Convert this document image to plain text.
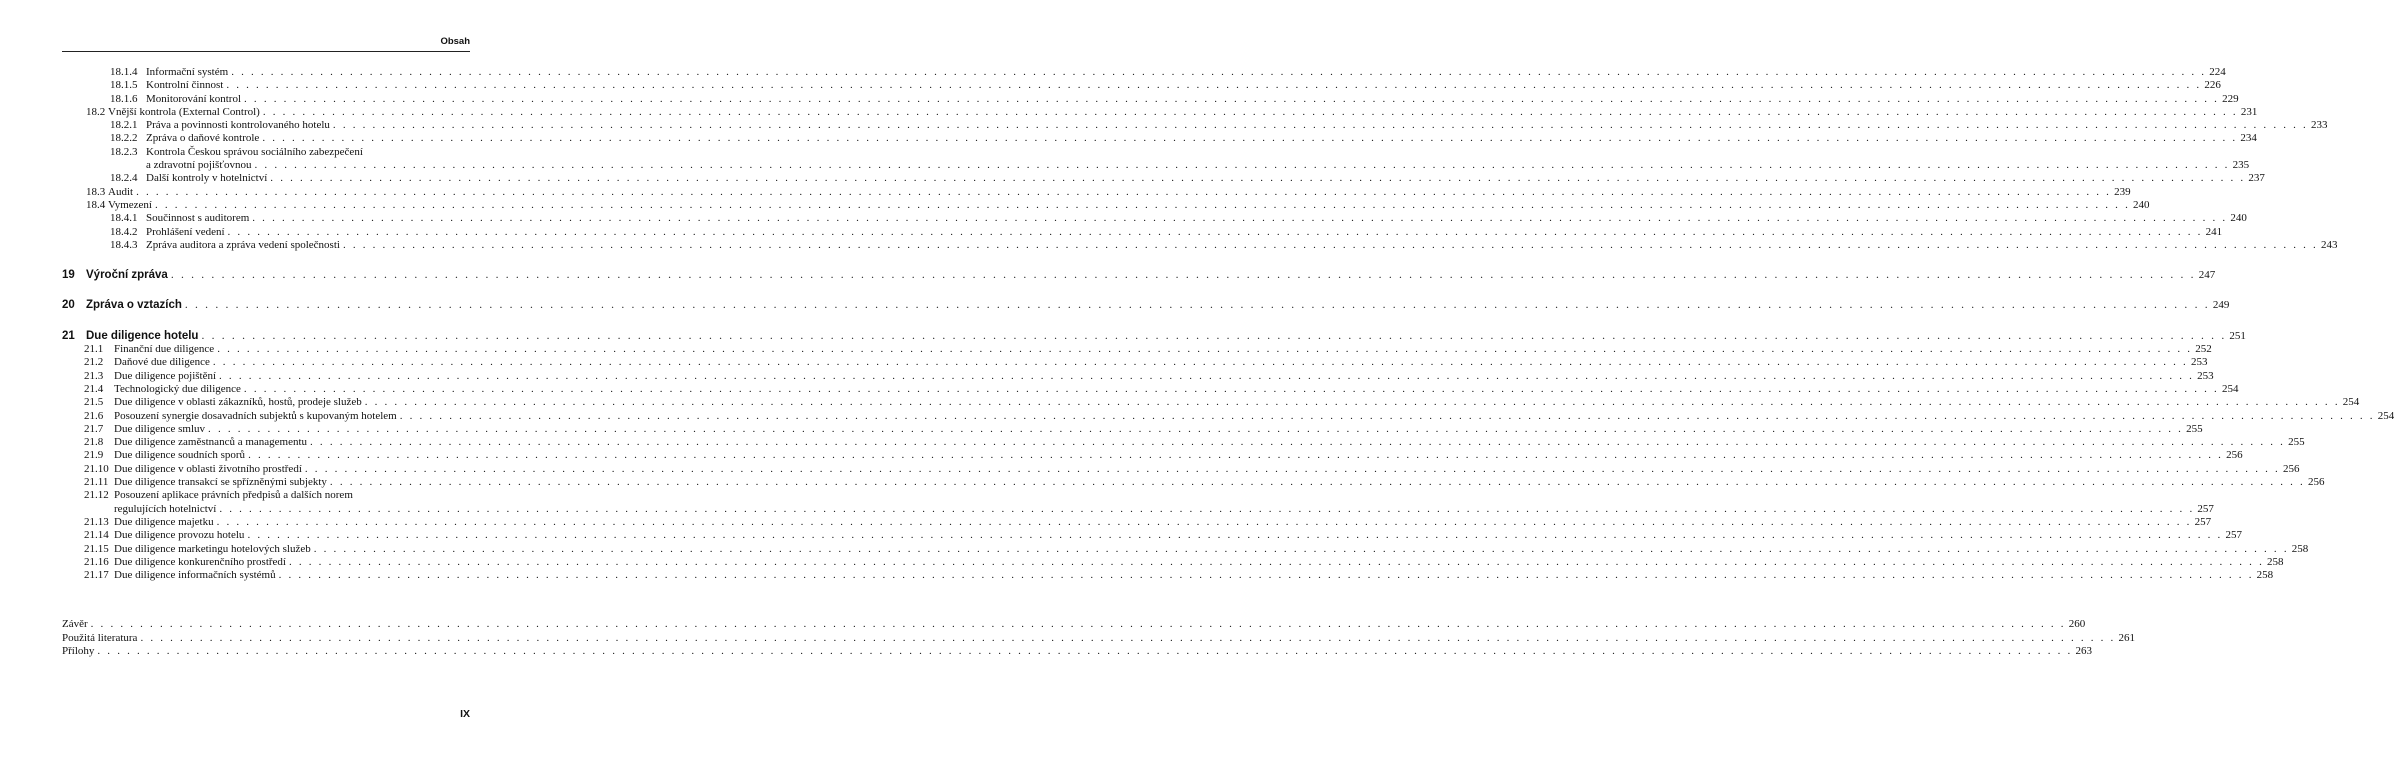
Obsah
18.1.4 Informační systém . . . . . . . . . . . . . . . . . . . . . . . . . . . . . . . . . . . . . . . . . . . . . . . . . . . . . . . . . . . . . . . . . . . . . . . . . . . . . . . . . . . . . . . . . . . . . . . . . . . . . . . . . . . . . . . . . . . . . . . . . . . . . . . . . . . . . . . . . . . . . . . . . . . . . . . . . . . . . . . . . . . . . . . . . . . . . . . . . . . . . . . . . . . . . . . . . . . . . . . . 224
18.1.5 Kontrolní činnost . . . . . . . . . . . . . . . . . . . . . . . . . . . . . . . . . . . . . . . . . . . . . . . . . . . . . . . . . . . . . . . . . . . . . . . . . . . . . . . . . . . . . . . . . . . . . . . . . . . . . . . . . . . . . . . . . . . . . . . . . . . . . . . . . . . . . . . . . . . . . . . . . . . . . . . . . . . . . . . . . . . . . . . . . . . . . . . . . . . . . . . . . . . . . . . . . . . . . . . . 226
18.1.6 Monitorování kontrol . . . . . . . . . . . . . . . . . . . . . . . . . . . . . . . . . . . . . . . . . . . . . . . . . . . . . . . . . . . . . . . . . . . . . . . . . . . . . . . . . . . . . . . . . . . . . . . . . . . . . . . . . . . . . . . . . . . . . . . . . . . . . . . . . . . . . . . . . . . . . . . . . . . . . . . . . . . . . . . . . . . . . . . . . . . . . . . . . . . . . . . . . . . . . . . . . . . . . . . . 229
18.2 Vnější kontrola (External Control) . . . . . . . . . . . . . . . . . . . . . . . . . . . . . . . . . . . . . . . . . . . . . . . . . . . . . . . . . . . . . . . . . . . . . . . . . . . . . . . . . . . . . . . . . . . . . . . . . . . . . . . . . . . . . . . . . . . . . . . . . . . . . . . . . . . . . . . . . . . . . . . . . . . . . . . . . . . . . . . . . . . . . . . . . . . . . . . . . . . . . . . . . . . . . . . . . . . . . . . . 231
18.2.1 Práva a povinnosti kontrolovaného hotelu . . . . . . . . . . . . . . . . . . . . . . . . . . . . . . . . . . . . . . . . . . . . . . . . . . . . . . . . . . . . . . . . . . . . . . . . . . . . . . . . . . . . . . . . . . . . . . . . . . . . . . . . . . . . . . . . . . . . . . . . . . . . . . . . . . . . . . . . . . . . . . . . . . . . . . . . . . . . . . . . . . . . . . . . . . . . . . . . . . . . . . . . . . . . . . . . . . . . . . . . 233
18.2.2 Zpráva o daňové kontrole . . . . . . . . . . . . . . . . . . . . . . . . . . . . . . . . . . . . . . . . . . . . . . . . . . . . . . . . . . . . . . . . . . . . . . . . . . . . . . . . . . . . . . . . . . . . . . . . . . . . . . . . . . . . . . . . . . . . . . . . . . . . . . . . . . . . . . . . . . . . . . . . . . . . . . . . . . . . . . . . . . . . . . . . . . . . . . . . . . . . . . . . . . . . . . . . . . . . . . . . 234
18.2.3 Kontrola Českou správou sociálního zabezpečení
a zdravotní pojišťovnou . . . . . . . . . . . . . . . . . . . . . . . . . . . . . . . . . . . . . . . . . . . . . . . . . . . . . . . . . . . . . . . . . . . . . . . . . . . . . . . . . . . . . . . . . . . . . . . . . . . . . . . . . . . . . . . . . . . . . . . . . . . . . . . . . . . . . . . . . . . . . . . . . . . . . . . . . . . . . . . . . . . . . . . . . . . . . . . . . . . . . . . . . . . . . . . . . . . . . . . . 235
18.2.4 Další kontroly v hotelnictví . . . . . . . . . . . . . . . . . . . . . . . . . . . . . . . . . . . . . . . . . . . . . . . . . . . . . . . . . . . . . . . . . . . . . . . . . . . . . . . . . . . . . . . . . . . . . . . . . . . . . . . . . . . . . . . . . . . . . . . . . . . . . . . . . . . . . . . . . . . . . . . . . . . . . . . . . . . . . . . . . . . . . . . . . . . . . . . . . . . . . . . . . . . . . . . . . . . . . . . . 237
18.3 Audit . . . . . . . . . . . . . . . . . . . . . . . . . . . . . . . . . . . . . . . . . . . . . . . . . . . . . . . . . . . . . . . . . . . . . . . . . . . . . . . . . . . . . . . . . . . . . . . . . . . . . . . . . . . . . . . . . . . . . . . . . . . . . . . . . . . . . . . . . . . . . . . . . . . . . . . . . . . . . . . . . . . . . . . . . . . . . . . . . . . . . . . . . . . . . . . . . . . . . . . . 239
18.4 Vymezení . . . . . . . . . . . . . . . . . . . . . . . . . . . . . . . . . . . . . . . . . . . . . . . . . . . . . . . . . . . . . . . . . . . . . . . . . . . . . . . . . . . . . . . . . . . . . . . . . . . . . . . . . . . . . . . . . . . . . . . . . . . . . . . . . . . . . . . . . . . . . . . . . . . . . . . . . . . . . . . . . . . . . . . . . . . . . . . . . . . . . . . . . . . . . . . . . . . . . . . . 240
18.4.1 Součinnost s auditorem . . . . . . . . . . . . . . . . . . . . . . . . . . . . . . . . . . . . . . . . . . . . . . . . . . . . . . . . . . . . . . . . . . . . . . . . . . . . . . . . . . . . . . . . . . . . . . . . . . . . . . . . . . . . . . . . . . . . . . . . . . . . . . . . . . . . . . . . . . . . . . . . . . . . . . . . . . . . . . . . . . . . . . . . . . . . . . . . . . . . . . . . . . . . . . . . . . . . . . . . 240
18.4.2 Prohlášení vedení . . . . . . . . . . . . . . . . . . . . . . . . . . . . . . . . . . . . . . . . . . . . . . . . . . . . . . . . . . . . . . . . . . . . . . . . . . . . . . . . . . . . . . . . . . . . . . . . . . . . . . . . . . . . . . . . . . . . . . . . . . . . . . . . . . . . . . . . . . . . . . . . . . . . . . . . . . . . . . . . . . . . . . . . . . . . . . . . . . . . . . . . . . . . . . . . . . . . . . . . 241
18.4.3 Zpráva auditora a zpráva vedení společnosti . . . . . . . . . . . . . . . . . . . . . . . . . . . . . . . . . . . . . . . . . . . . . . . . . . . . . . . . . . . . . . . . . . . . . . . . . . . . . . . . . . . . . . . . . . . . . . . . . . . . . . . . . . . . . . . . . . . . . . . . . . . . . . . . . . . . . . . . . . . . . . . . . . . . . . . . . . . . . . . . . . . . . . . . . . . . . . . . . . . . . . . . . . . . . . . . . . . . . . . . 243
19 Výroční zpráva . . . . . . . . . . . . . . . . . . . . . . . . . . . . . . . . . . . . . . . . . . . . . . . . . . . . . . . . . . . . . . . . . . . . . . . . . . . . . . . . . . . . . . . . . . . . . . . . . . . . . . . . . . . . . . . . . . . . . . . . . . . . . . . . . . . . . . . . . . . . . . . . . . . . . . . . . . . . . . . . . . . . . . . . . . . . . . . . . . . . . . . . . . . . . . . . . . . . . . . . 247
20 Zpráva o vztazích . . . . . . . . . . . . . . . . . . . . . . . . . . . . . . . . . . . . . . . . . . . . . . . . . . . . . . . . . . . . . . . . . . . . . . . . . . . . . . . . . . . . . . . . . . . . . . . . . . . . . . . . . . . . . . . . . . . . . . . . . . . . . . . . . . . . . . . . . . . . . . . . . . . . . . . . . . . . . . . . . . . . . . . . . . . . . . . . . . . . . . . . . . . . . . . . . . . . . . . . 249
21 Due diligence hotelu . . . . . . . . . . . . . . . . . . . . . . . . . . . . . . . . . . . . . . . . . . . . . . . . . . . . . . . . . . . . . . . . . . . . . . . . . . . . . . . . . . . . . . . . . . . . . . . . . . . . . . . . . . . . . . . . . . . . . . . . . . . . . . . . . . . . . . . . . . . . . . . . . . . . . . . . . . . . . . . . . . . . . . . . . . . . . . . . . . . . . . . . . . . . . . . . . . . . . . . . 251
21.1 Finanční due diligence . . . . . . . . . . . . . . . . . . . . . . . . . . . . . . . . . . . . . . . . . . . . . . . . . . . . . . . . . . . . . . . . . . . . . . . . . . . . . . . . . . . . . . . . . . . . . . . . . . . . . . . . . . . . . . . . . . . . . . . . . . . . . . . . . . . . . . . . . . . . . . . . . . . . . . . . . . . . . . . . . . . . . . . . . . . . . . . . . . . . . . . . . . . . . . . . . . . . . . . . 252
21.2 Daňové due diligence . . . . . . . . . . . . . . . . . . . . . . . . . . . . . . . . . . . . . . . . . . . . . . . . . . . . . . . . . . . . . . . . . . . . . . . . . . . . . . . . . . . . . . . . . . . . . . . . . . . . . . . . . . . . . . . . . . . . . . . . . . . . . . . . . . . . . . . . . . . . . . . . . . . . . . . . . . . . . . . . . . . . . . . . . . . . . . . . . . . . . . . . . . . . . . . . . . . . . . . . 253
21.3 Due diligence pojištění . . . . . . . . . . . . . . . . . . . . . . . . . . . . . . . . . . . . . . . . . . . . . . . . . . . . . . . . . . . . . . . . . . . . . . . . . . . . . . . . . . . . . . . . . . . . . . . . . . . . . . . . . . . . . . . . . . . . . . . . . . . . . . . . . . . . . . . . . . . . . . . . . . . . . . . . . . . . . . . . . . . . . . . . . . . . . . . . . . . . . . . . . . . . . . . . . . . . . . . . 253
21.4 Technologický due diligence . . . . . . . . . . . . . . . . . . . . . . . . . . . . . . . . . . . . . . . . . . . . . . . . . . . . . . . . . . . . . . . . . . . . . . . . . . . . . . . . . . . . . . . . . . . . . . . . . . . . . . . . . . . . . . . . . . . . . . . . . . . . . . . . . . . . . . . . . . . . . . . . . . . . . . . . . . . . . . . . . . . . . . . . . . . . . . . . . . . . . . . . . . . . . . . . . . . . . . . . 254
21.5 Due diligence v oblasti zákazníků, hostů, prodeje služeb . . . . . . . . . . . . . . . . . . . . . . . . . . . . . . . . . . . . . . . . . . . . . . . . . . . . . . . . . . . . . . . . . . . . . . . . . . . . . . . . . . . . . . . . . . . . . . . . . . . . . . . . . . . . . . . . . . . . . . . . . . . . . . . . . . . . . . . . . . . . . . . . . . . . . . . . . . . . . . . . . . . . . . . . . . . . . . . . . . . . . . . . . . . . . . . . . . . . . . . . 254
21.6 Posouzení synergie dosavadních subjektů s kupovaným hotelem . . . . . . . . . . . . . . . . . . . . . . . . . . . . . . . . . . . . . . . . . . . . . . . . . . . . . . . . . . . . . . . . . . . . . . . . . . . . . . . . . . . . . . . . . . . . . . . . . . . . . . . . . . . . . . . . . . . . . . . . . . . . . . . . . . . . . . . . . . . . . . . . . . . . . . . . . . . . . . . . . . . . . . . . . . . . . . . . . . . . . . . . . . . . . . . . . . . . . . . . 254
21.7 Due diligence smluv . . . . . . . . . . . . . . . . . . . . . . . . . . . . . . . . . . . . . . . . . . . . . . . . . . . . . . . . . . . . . . . . . . . . . . . . . . . . . . . . . . . . . . . . . . . . . . . . . . . . . . . . . . . . . . . . . . . . . . . . . . . . . . . . . . . . . . . . . . . . . . . . . . . . . . . . . . . . . . . . . . . . . . . . . . . . . . . . . . . . . . . . . . . . . . . . . . . . . . . . 255
21.8 Due diligence zaměstnanců a managementu . . . . . . . . . . . . . . . . . . . . . . . . . . . . . . . . . . . . . . . . . . . . . . . . . . . . . . . . . . . . . . . . . . . . . . . . . . . . . . . . . . . . . . . . . . . . . . . . . . . . . . . . . . . . . . . . . . . . . . . . . . . . . . . . . . . . . . . . . . . . . . . . . . . . . . . . . . . . . . . . . . . . . . . . . . . . . . . . . . . . . . . . . . . . . . . . . . . . . . . . 255
21.9 Due diligence soudních sporů . . . . . . . . . . . . . . . . . . . . . . . . . . . . . . . . . . . . . . . . . . . . . . . . . . . . . . . . . . . . . . . . . . . . . . . . . . . . . . . . . . . . . . . . . . . . . . . . . . . . . . . . . . . . . . . . . . . . . . . . . . . . . . . . . . . . . . . . . . . . . . . . . . . . . . . . . . . . . . . . . . . . . . . . . . . . . . . . . . . . . . . . . . . . . . . . . . . . . . . . 256
21.10 Due diligence v oblasti životního prostředí . . . . . . . . . . . . . . . . . . . . . . . . . . . . . . . . . . . . . . . . . . . . . . . . . . . . . . . . . . . . . . . . . . . . . . . . . . . . . . . . . . . . . . . . . . . . . . . . . . . . . . . . . . . . . . . . . . . . . . . . . . . . . . . . . . . . . . . . . . . . . . . . . . . . . . . . . . . . . . . . . . . . . . . . . . . . . . . . . . . . . . . . . . . . . . . . . . . . . . . . 256
21.11 Due diligence transakcí se spřízněnými subjekty . . . . . . . . . . . . . . . . . . . . . . . . . . . . . . . . . . . . . . . . . . . . . . . . . . . . . . . . . . . . . . . . . . . . . . . . . . . . . . . . . . . . . . . . . . . . . . . . . . . . . . . . . . . . . . . . . . . . . . . . . . . . . . . . . . . . . . . . . . . . . . . . . . . . . . . . . . . . . . . . . . . . . . . . . . . . . . . . . . . . . . . . . . . . . . . . . . . . . . . . 256
21.12 Posouzení aplikace právních předpisů a dalších norem
regulujících hotelnictví . . . . . . . . . . . . . . . . . . . . . . . . . . . . . . . . . . . . . . . . . . . . . . . . . . . . . . . . . . . . . . . . . . . . . . . . . . . . . . . . . . . . . . . . . . . . . . . . . . . . . . . . . . . . . . . . . . . . . . . . . . . . . . . . . . . . . . . . . . . . . . . . . . . . . . . . . . . . . . . . . . . . . . . . . . . . . . . . . . . . . . . . . . . . . . . . . . . . . . . . 257
21.13 Due diligence majetku . . . . . . . . . . . . . . . . . . . . . . . . . . . . . . . . . . . . . . . . . . . . . . . . . . . . . . . . . . . . . . . . . . . . . . . . . . . . . . . . . . . . . . . . . . . . . . . . . . . . . . . . . . . . . . . . . . . . . . . . . . . . . . . . . . . . . . . . . . . . . . . . . . . . . . . . . . . . . . . . . . . . . . . . . . . . . . . . . . . . . . . . . . . . . . . . . . . . . . . . 257
21.14 Due diligence provozu hotelu . . . . . . . . . . . . . . . . . . . . . . . . . . . . . . . . . . . . . . . . . . . . . . . . . . . . . . . . . . . . . . . . . . . . . . . . . . . . . . . . . . . . . . . . . . . . . . . . . . . . . . . . . . . . . . . . . . . . . . . . . . . . . . . . . . . . . . . . . . . . . . . . . . . . . . . . . . . . . . . . . . . . . . . . . . . . . . . . . . . . . . . . . . . . . . . . . . . . . . . . 257
21.15 Due diligence marketingu hotelových služeb . . . . . . . . . . . . . . . . . . . . . . . . . . . . . . . . . . . . . . . . . . . . . . . . . . . . . . . . . . . . . . . . . . . . . . . . . . . . . . . . . . . . . . . . . . . . . . . . . . . . . . . . . . . . . . . . . . . . . . . . . . . . . . . . . . . . . . . . . . . . . . . . . . . . . . . . . . . . . . . . . . . . . . . . . . . . . . . . . . . . . . . . . . . . . . . . . . . . . . . . 258
21.16 Due diligence konkurenčního prostředí . . . . . . . . . . . . . . . . . . . . . . . . . . . . . . . . . . . . . . . . . . . . . . . . . . . . . . . . . . . . . . . . . . . . . . . . . . . . . . . . . . . . . . . . . . . . . . . . . . . . . . . . . . . . . . . . . . . . . . . . . . . . . . . . . . . . . . . . . . . . . . . . . . . . . . . . . . . . . . . . . . . . . . . . . . . . . . . . . . . . . . . . . . . . . . . . . . . . . . . . 258
21.17 Due diligence informačních systémů . . . . . . . . . . . . . . . . . . . . . . . . . . . . . . . . . . . . . . . . . . . . . . . . . . . . . . . . . . . . . . . . . . . . . . . . . . . . . . . . . . . . . . . . . . . . . . . . . . . . . . . . . . . . . . . . . . . . . . . . . . . . . . . . . . . . . . . . . . . . . . . . . . . . . . . . . . . . . . . . . . . . . . . . . . . . . . . . . . . . . . . . . . . . . . . . . . . . . . . . 258
Závěr . . . . . . . . . . . . . . . . . . . . . . . . . . . . . . . . . . . . . . . . . . . . . . . . . . . . . . . . . . . . . . . . . . . . . . . . . . . . . . . . . . . . . . . . . . . . . . . . . . . . . . . . . . . . . . . . . . . . . . . . . . . . . . . . . . . . . . . . . . . . . . . . . . . . . . . . . . . . . . . . . . . . . . . . . . . . . . . . . . . . . . . . . . . . . . . . . . . . . . . . 260
Použitá literatura . . . . . . . . . . . . . . . . . . . . . . . . . . . . . . . . . . . . . . . . . . . . . . . . . . . . . . . . . . . . . . . . . . . . . . . . . . . . . . . . . . . . . . . . . . . . . . . . . . . . . . . . . . . . . . . . . . . . . . . . . . . . . . . . . . . . . . . . . . . . . . . . . . . . . . . . . . . . . . . . . . . . . . . . . . . . . . . . . . . . . . . . . . . . . . . . . . . . . . . . 261
Přílohy . . . . . . . . . . . . . . . . . . . . . . . . . . . . . . . . . . . . . . . . . . . . . . . . . . . . . . . . . . . . . . . . . . . . . . . . . . . . . . . . . . . . . . . . . . . . . . . . . . . . . . . . . . . . . . . . . . . . . . . . . . . . . . . . . . . . . . . . . . . . . . . . . . . . . . . . . . . . . . . . . . . . . . . . . . . . . . . . . . . . . . . . . . . . . . . . . . . . . . . . 263
IX
